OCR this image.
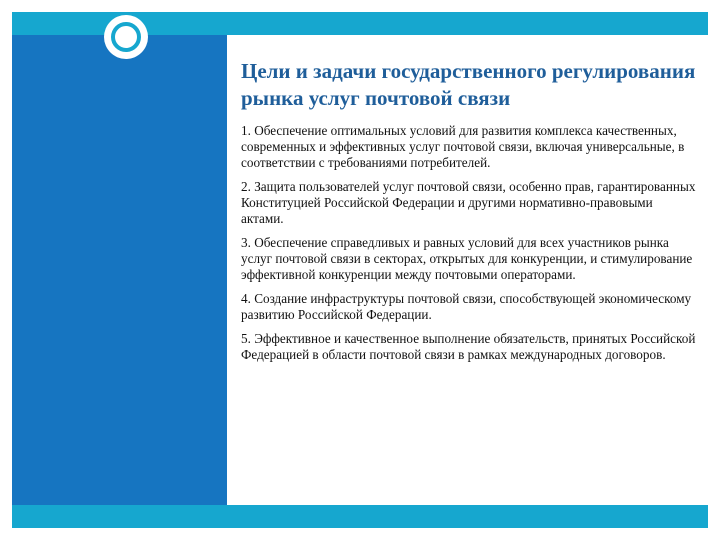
Цели и задачи государственного регулирования рынка услуг почтовой связи
1. Обеспечение оптимальных условий для развития комплекса качественных, современных и эффективных услуг почтовой связи, включая универсальные, в соответствии с требованиями потребителей.
2. Защита пользователей услуг почтовой связи, особенно прав, гарантированных Конституцией Российской Федерации и другими нормативно-правовыми актами.
3. Обеспечение справедливых и равных условий для всех участников рынка услуг почтовой связи в секторах, открытых для конкуренции, и стимулирование эффективной конкуренции между почтовыми операторами.
4. Создание инфраструктуры почтовой связи, способствующей экономическому развитию Российской Федерации.
5. Эффективное и качественное выполнение обязательств, принятых Российской Федерацией в области почтовой связи в рамках международных договоров.
